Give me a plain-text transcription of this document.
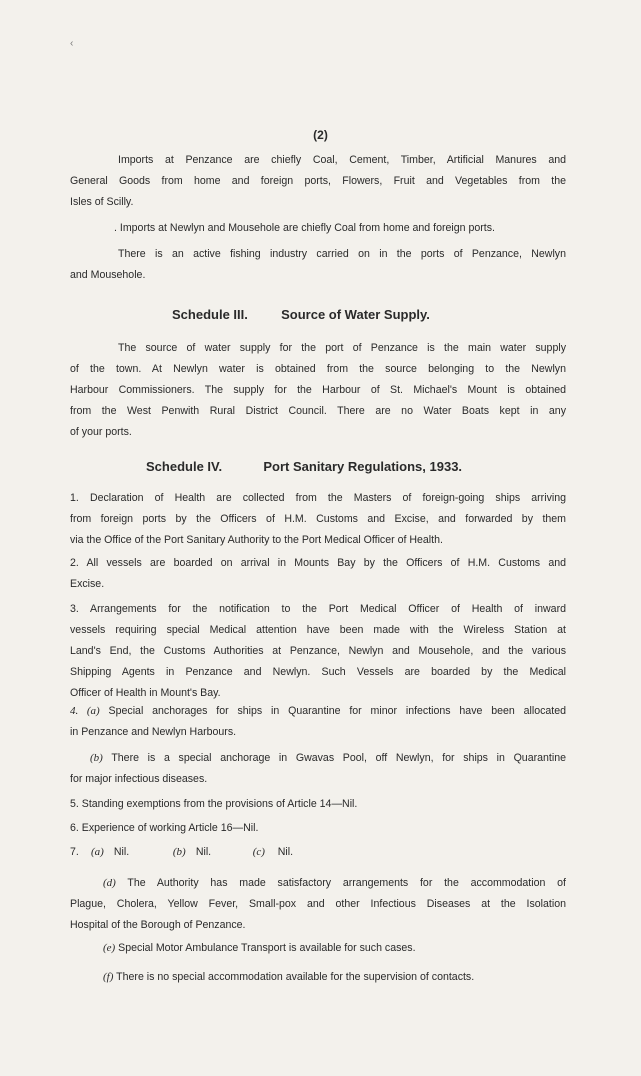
‹
(2)
Imports at Penzance are chiefly Coal, Cement, Timber, Artificial Manures and
General Goods from home and foreign ports, Flowers, Fruit and Vegetables from the
Isles of Scilly.
. Imports at Newlyn and Mousehole are chiefly Coal from home and foreign ports.
There is an active fishing industry carried on in the ports of Penzance, Newlyn
and Mousehole.
Schedule III.	Source of Water Supply.
The source of water supply for the port of Penzance is the main water supply
of the town. At Newlyn water is obtained from the source belonging to the Newlyn
Harbour Commissioners. The supply for the Harbour of St. Michael's Mount is obtained
from the West Penwith Rural District Council. There are no Water Boats kept in any
of your ports.
Schedule IV.	Port Sanitary Regulations, 1933.
1. Declaration of Health are collected from the Masters of foreign-going ships arriving
from foreign ports by the Officers of H.M. Customs and Excise, and forwarded by them
via the Office of the Port Sanitary Authority to the Port Medical Officer of Health.
2. All vessels are boarded on arrival in Mounts Bay by the Officers of H.M. Customs and
Excise.
3. Arrangements for the notification to the Port Medical Officer of Health of inward
vessels requiring special Medical attention have been made with the Wireless Station at
Land's End, the Customs Authorities at Penzance, Newlyn and Mousehole, and the various
Shipping Agents in Penzance and Newlyn. Such Vessels are boarded by the Medical
Officer of Health in Mount's Bay.
4. (a) Special anchorages for ships in Quarantine for minor infections have been allocated
in Penzance and Newlyn Harbours.
(b) There is a special anchorage in Gwavas Pool, off Newlyn, for ships in Quarantine
for major infectious diseases.
5. Standing exemptions from the provisions of Article 14—Nil.
6. Experience of working Article 16—Nil.
7. (a) Nil.	(b) Nil.	(c) Nil.
(d) The Authority has made satisfactory arrangements for the accommodation of
Plague, Cholera, Yellow Fever, Small-pox and other Infectious Diseases at the Isolation
Hospital of the Borough of Penzance.
(e) Special Motor Ambulance Transport is available for such cases.
(f) There is no special accommodation available for the supervision of contacts.
